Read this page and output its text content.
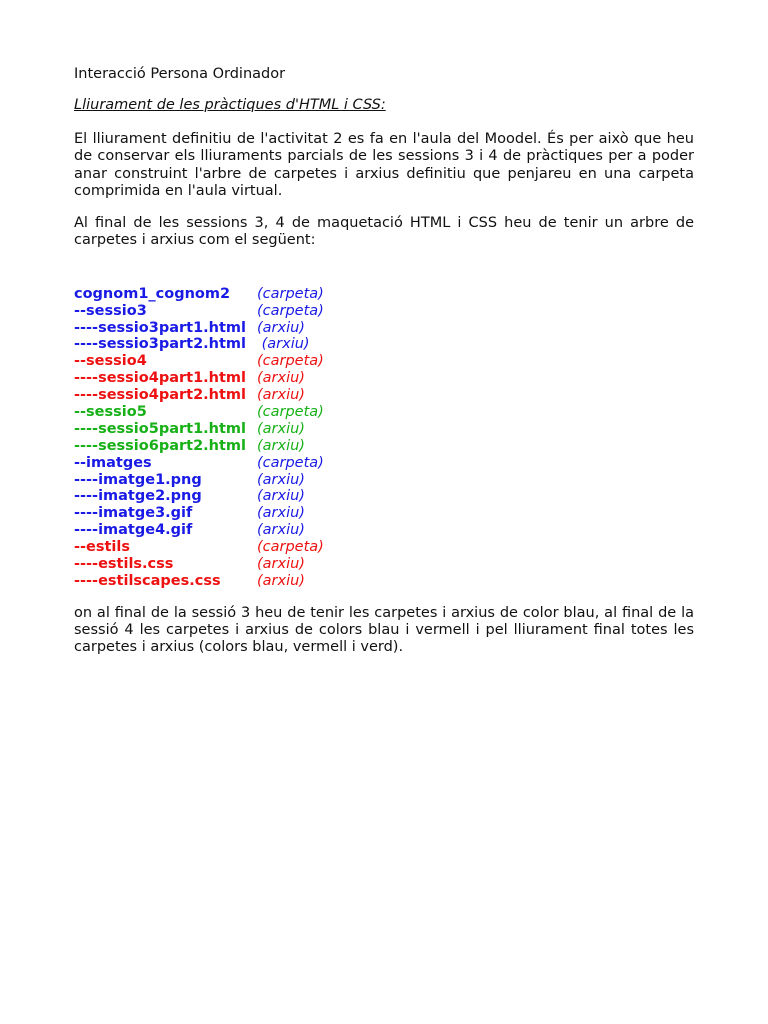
Interacció Persona Ordinador

Lliurament de les pràctiques d'HTML i CSS:

El lliurament definitiu de l'activitat 2 es fa en l'aula del Moodel. És per això que heu de conservar els lliuraments parcials de les sessions 3 i 4 de pràctiques per a poder anar construint l'arbre de carpetes i arxius definitiu que penjareu en una carpeta comprimida en l'aula virtual.

Al final de les sessions 3, 4 de maquetació HTML i CSS heu de tenir un arbre de carpetes i arxius com el següent:

cognom1_cognom2	(carpeta)
--sessio3	(carpeta)
----sessio3part1.html (arxiu)
----sessio3part2.html (arxiu)
--sessio4	(carpeta)
----sessio4part1.html (arxiu)
----sessio4part2.html (arxiu)
--sessio5	(carpeta)
----sessio5part1.html (arxiu)
----sessio6part2.html (arxiu)
--imatges	(carpeta)
----imatge1.png	(arxiu)
----imatge2.png	(arxiu)
----imatge3.gif	(arxiu)
----imatge4.gif	(arxiu)
--estils	(carpeta)
----estils.css	(arxiu)
----estilscapes.css	(arxiu)

on al final de la sessió 3 heu de tenir les carpetes i arxius de color blau, al final de la sessió 4 les carpetes i arxius de colors blau i vermell i pel lliurament final totes les carpetes i arxius (colors blau, vermell i verd).
